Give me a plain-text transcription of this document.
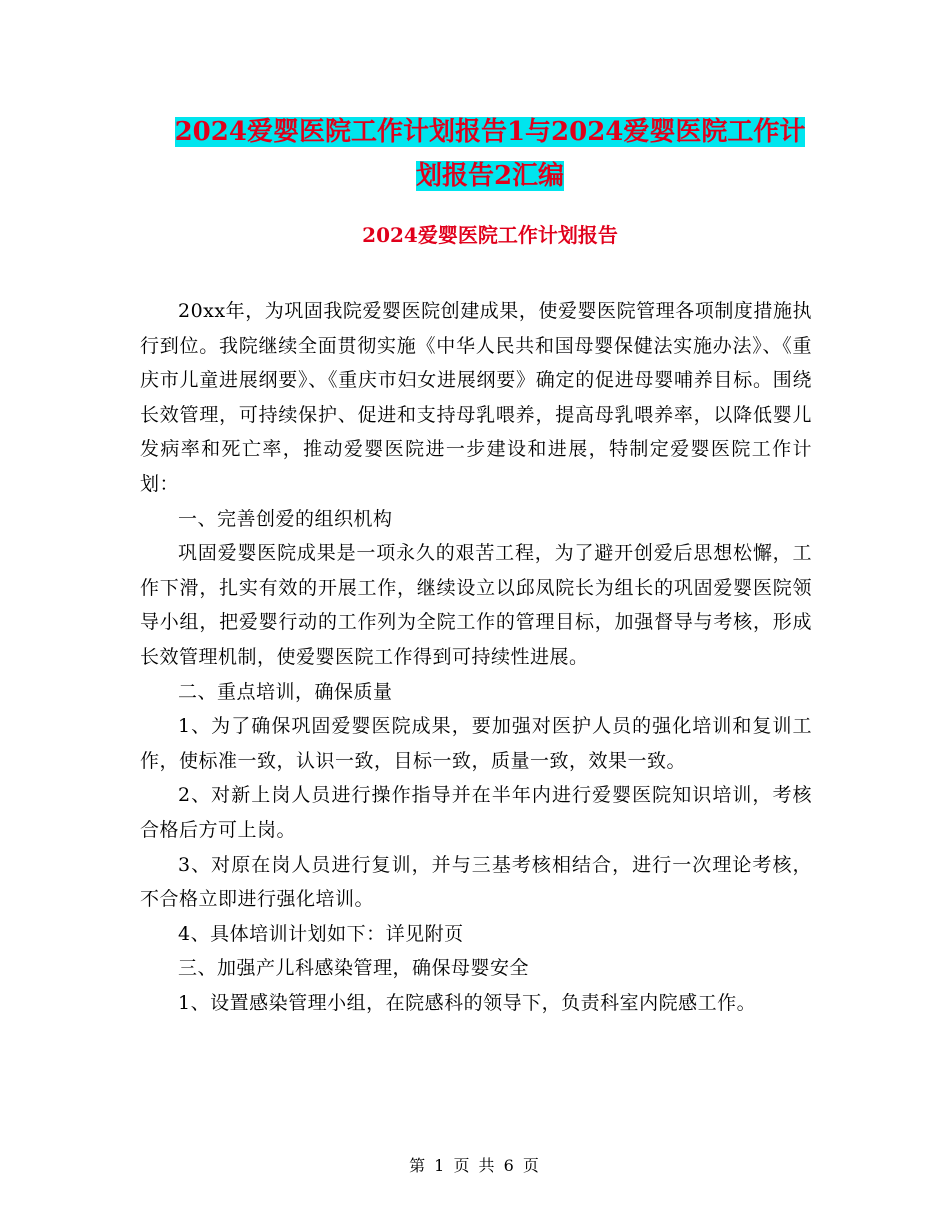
2024爱婴医院工作计划报告1与2024爱婴医院工作计
划报告2汇编
2024爱婴医院工作计划报告

20xx年，为巩固我院爱婴医院创建成果，使爱婴医院管理各项制度措施执行到位。我院继续全面贯彻实施《中华人民共和国母婴保健法实施办法》、《重庆市儿童进展纲要》、《重庆市妇女进展纲要》确定的促进母婴哺养目标。围绕长效管理，可持续保护、促进和支持母乳喂养，提高母乳喂养率，以降低婴儿发病率和死亡率，推动爱婴医院进一步建设和进展，特制定爱婴医院工作计划：

一、完善创爱的组织机构

巩固爱婴医院成果是一项永久的艰苦工程，为了避开创爱后思想松懈，工作下滑，扎实有效的开展工作，继续设立以邱凤院长为组长的巩固爱婴医院领导小组，把爱婴行动的工作列为全院工作的管理目标，加强督导与考核，形成长效管理机制，使爱婴医院工作得到可持续性进展。

二、重点培训，确保质量

1、为了确保巩固爱婴医院成果，要加强对医护人员的强化培训和复训工作，使标准一致，认识一致，目标一致，质量一致，效果一致。

2、对新上岗人员进行操作指导并在半年内进行爱婴医院知识培训，考核合格后方可上岗。

3、对原在岗人员进行复训，并与三基考核相结合，进行一次理论考核，不合格立即进行强化培训。

4、具体培训计划如下：详见附页

三、加强产儿科感染管理，确保母婴安全

1、设置感染管理小组，在院感科的领导下，负责科室内院感工作。

第 1 页 共 6 页
